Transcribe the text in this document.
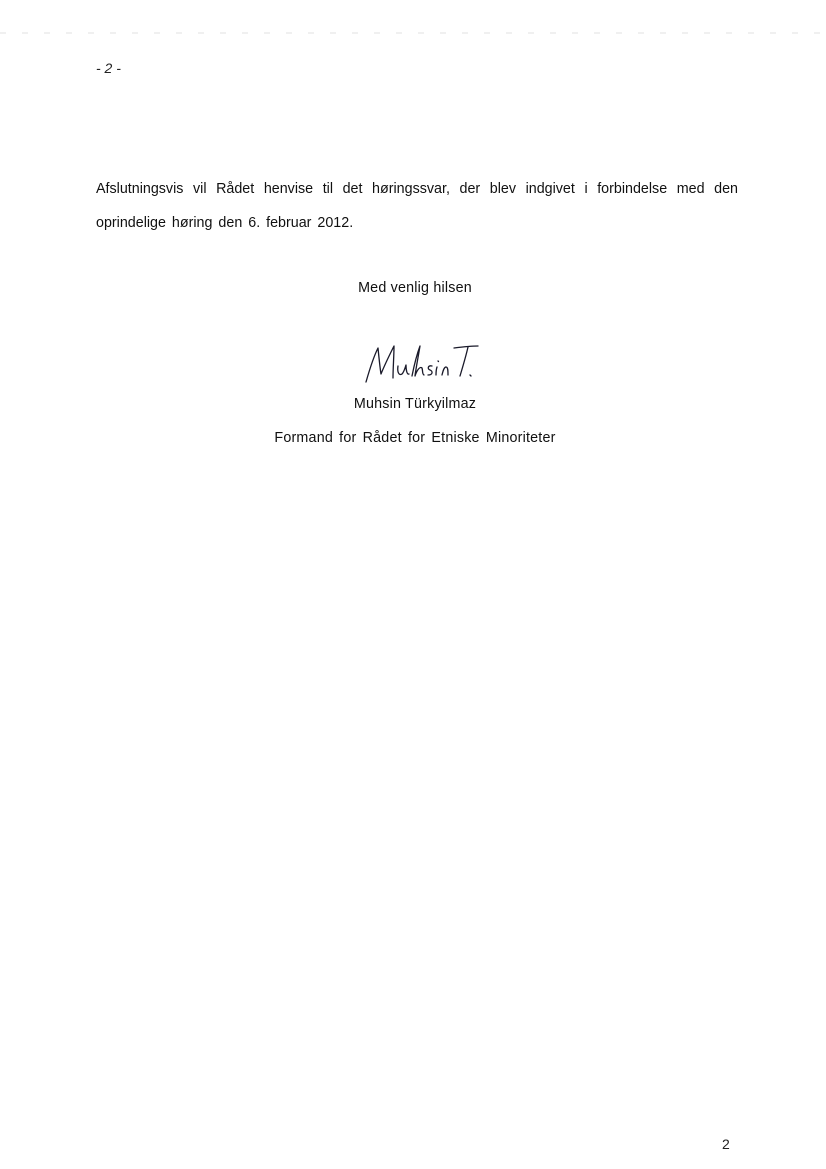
- 2 -

Afslutningsvis vil Rådet henvise til det høringssvar, der blev indgivet i forbindelse med den oprindelige høring den 6. februar 2012.

Med venlig hilsen
Muhsin Türkyilmaz
Formand for Rådet for Etniske Minoriteter
2
